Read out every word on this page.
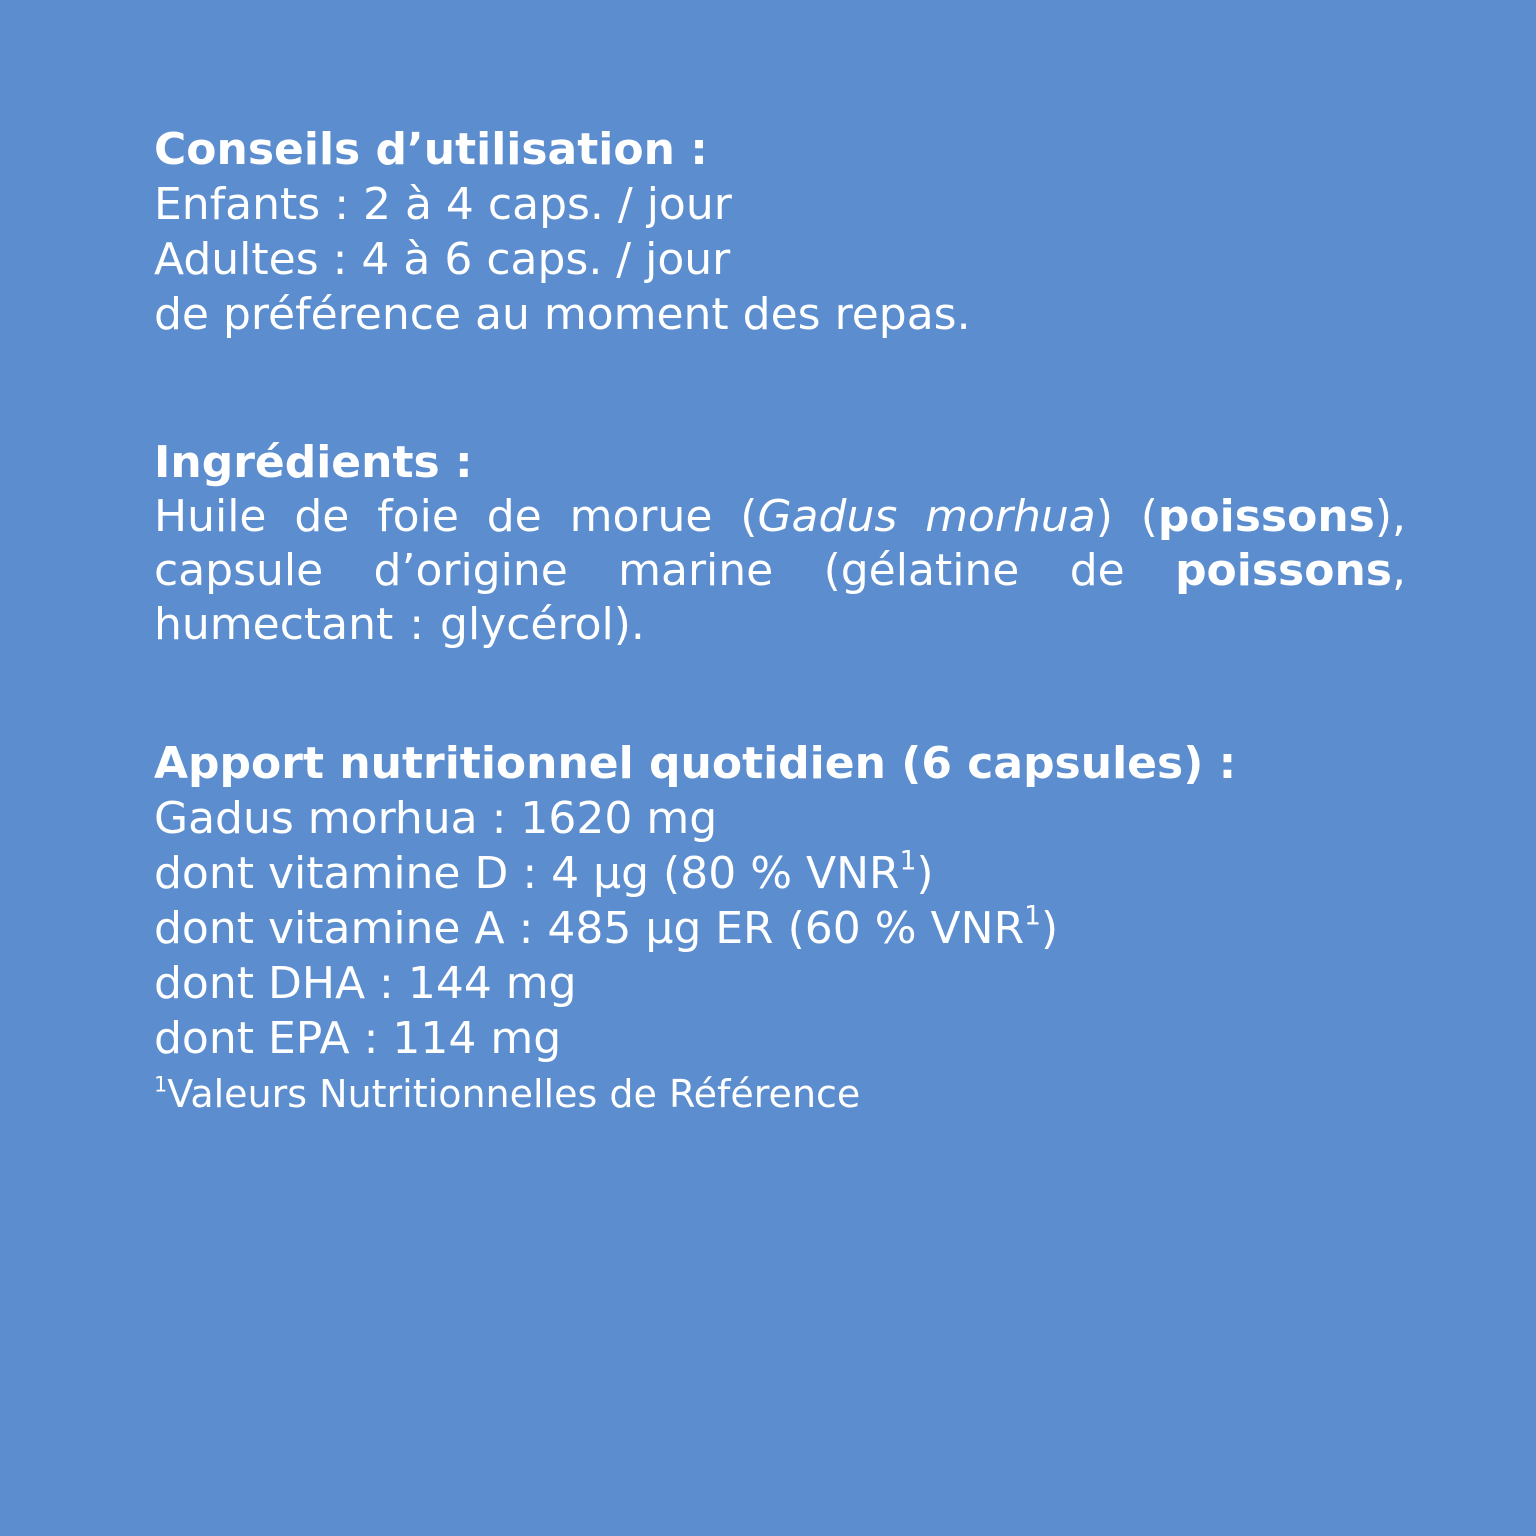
Conseils d’utilisation :
Enfants : 2 à 4 caps. / jour
Adultes : 4 à 6 caps. / jour
de préférence au moment des repas.
Ingrédients :
Huile de foie de morue (Gadus morhua) (poissons), capsule d’origine marine (gélatine de poissons, humectant : glycérol).
Apport nutritionnel quotidien (6 capsules) :
Gadus morhua : 1620 mg
dont vitamine D : 4 µg (80 % VNR$^1$)
dont vitamine A : 485 µg ER (60 % VNR$^1$)
dont DHA : 144 mg
dont EPA : 114 mg
$^1$Valeurs Nutritionnelles de Référence
